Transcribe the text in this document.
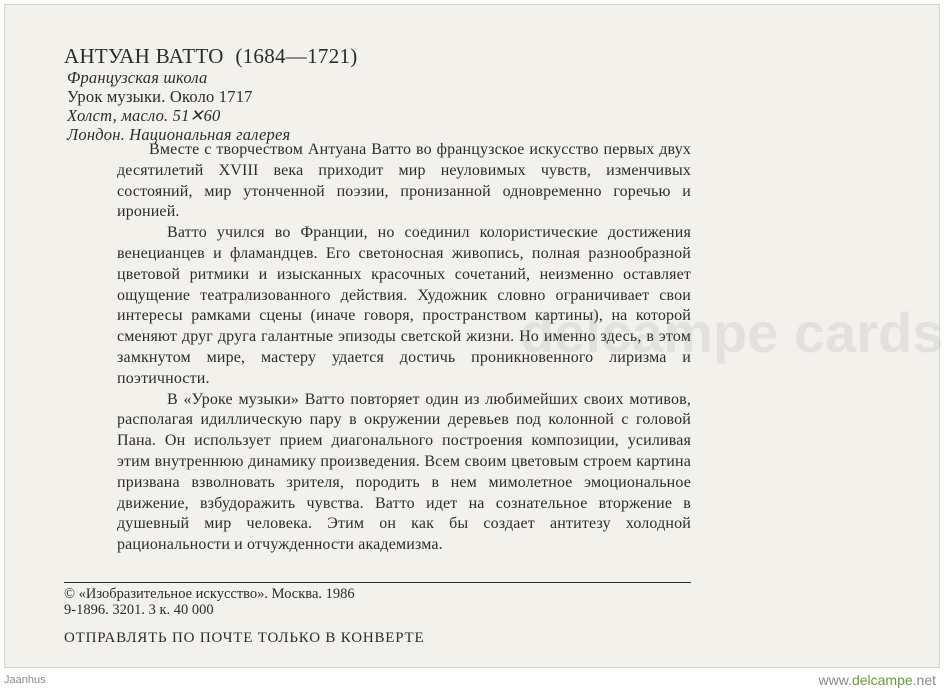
АНТУАН ВАТТО (1684—1721)
Французская школа
Урок музыки. Около 1717
Холст, масло. 51✕60
Лондон. Национальная галерея

Вместе с творчеством Антуана Ватто во французское искусство первых двух десятилетий XVIII века приходит мир неуловимых чувств, изменчивых состояний, мир утонченной поэзии, пронизанной одновременно горечью и иронией.

Ватто учился во Франции, но соединил колористические достижения венецианцев и фламандцев. Его светоносная живопись, полная разнообразной цветовой ритмики и изысканных красочных сочетаний, неизменно оставляет ощущение театрализованного действия. Художник словно ограничивает свои интересы рамками сцены (иначе говоря, пространством картины), на которой сменяют друг друга галантные эпизоды светской жизни. Но именно здесь, в этом замкнутом мире, мастеру удается достичь проникновенного лиризма и поэтичности.

В «Уроке музыки» Ватто повторяет один из любимейших своих мотивов, располагая идиллическую пару в окружении деревьев под колонной с головой Пана. Он использует прием диагонального построения композиции, усиливая этим внутреннюю динамику произведения. Всем своим цветовым строем картина призвана взволновать зрителя, породить в нем мимолетное эмоциональное движение, взбудоражить чувства. Ватто идет на сознательное вторжение в душевный мир человека. Этим он как бы создает антитезу холодной рациональности и отчужденности академизма.

© «Изобразительное искусство». Москва. 1986
9-1896. 3201. 3 к. 40 000
ОТПРАВЛЯТЬ ПО ПОЧТЕ ТОЛЬКО В КОНВЕРТЕ
Jaanhus	www.delcampe.net
